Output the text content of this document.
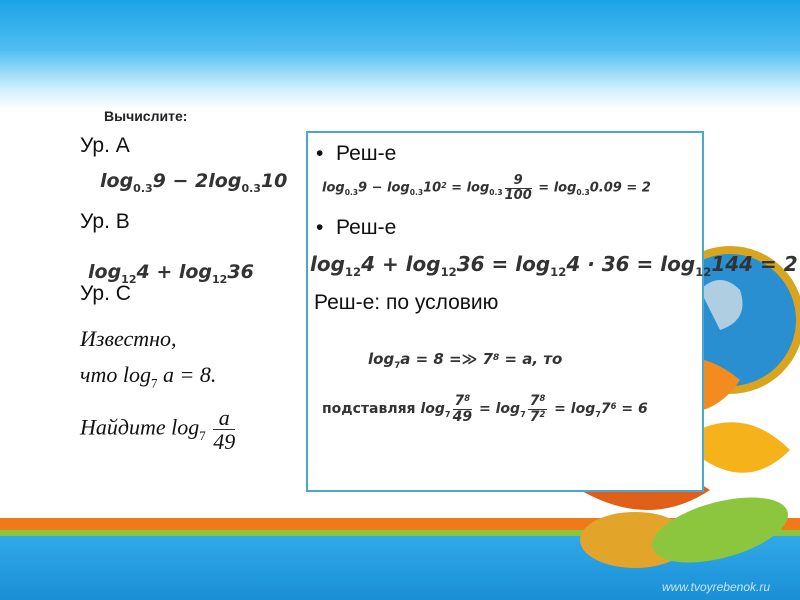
www.tvoyrebenok.ru
Вычислите:
Ур. А
$\log_{0.3}9 - 2\log_{0.3}10$
Ур. В
$\log_{12}4 + \log_{12}36$
Ур. С
Известно,
что $\log_7 a = 8$.
Найдите $\log_7 \frac{a}{49}$
• Реш-е
$\log_{0.3}9 - \log_{0.3}10^2 = \log_{0.3} \frac{9}{100} = \log_{0.3}0.09 = 2$
• Реш-е
$\log_{12}4 + \log_{12}36 = \log_{12}4 \cdot 36 = \log_{12}144 = 2$
Реш-е: по условию
$\log_7a = 8$ =≫ $7^8 = a$, то
подставляя $\log_7 \frac{7^8}{49} = \log_7 \frac{7^8}{7^2} = \log_77^6 = 6$
